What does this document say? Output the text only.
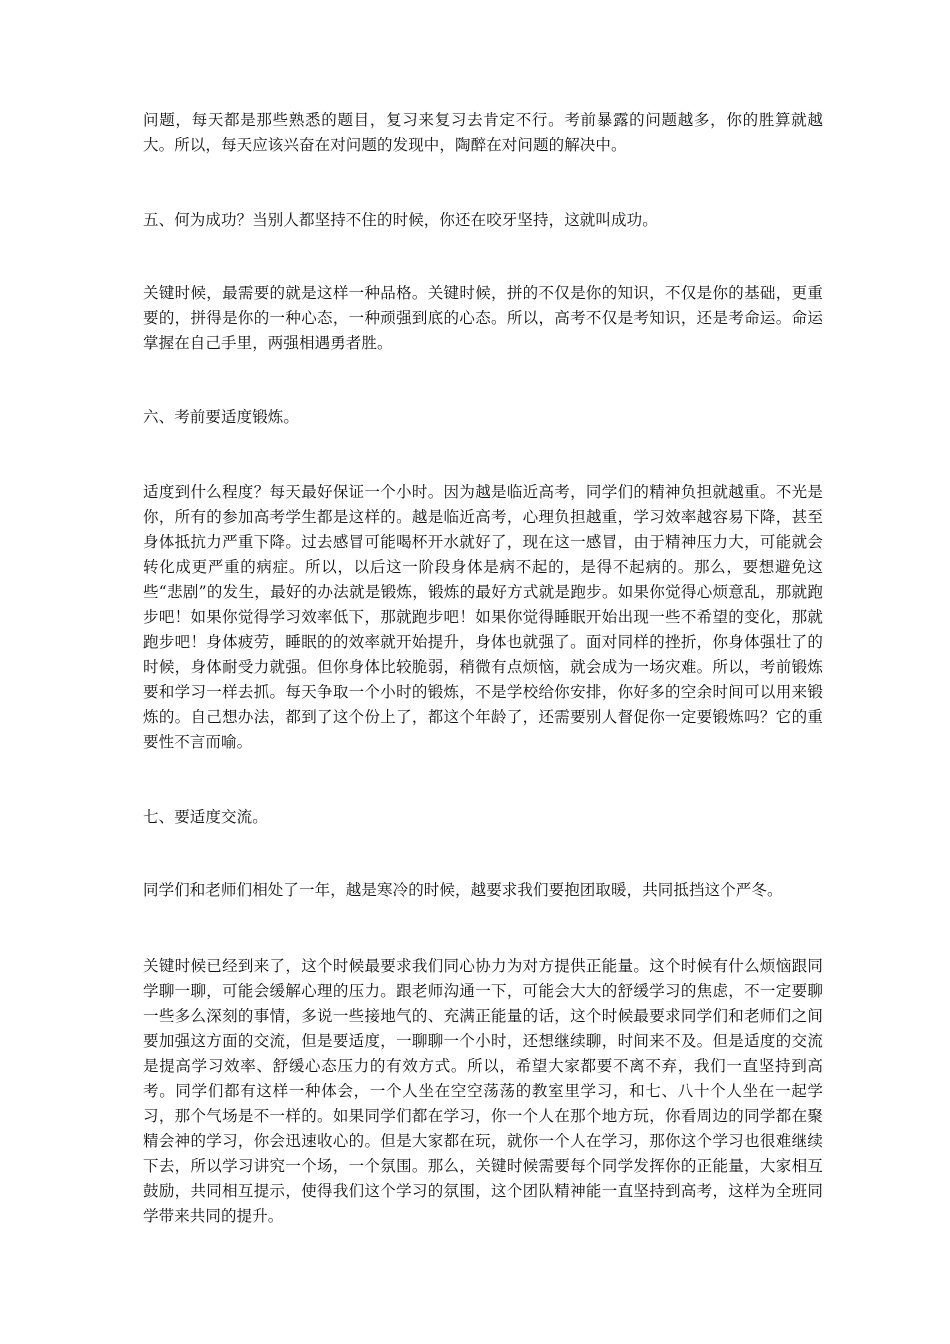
问题，每天都是那些熟悉的题目，复习来复习去肯定不行。考前暴露的问题越多，你的胜算就越大。所以，每天应该兴奋在对问题的发现中，陶醉在对问题的解决中。

五、何为成功？当别人都坚持不住的时候，你还在咬牙坚持，这就叫成功。

关键时候，最需要的就是这样一种品格。关键时候，拼的不仅是你的知识，不仅是你的基础，更重要的，拼得是你的一种心态，一种顽强到底的心态。所以，高考不仅是考知识，还是考命运。命运掌握在自己手里，两强相遇勇者胜。

六、考前要适度锻炼。

适度到什么程度？每天最好保证一个小时。因为越是临近高考，同学们的精神负担就越重。不光是你，所有的参加高考学生都是这样的。越是临近高考，心理负担越重，学习效率越容易下降，甚至身体抵抗力严重下降。过去感冒可能喝杯开水就好了，现在这一感冒，由于精神压力大，可能就会转化成更严重的病症。所以，以后这一阶段身体是病不起的，是得不起病的。那么，要想避免这些“悲剧”的发生，最好的办法就是锻炼，锻炼的最好方式就是跑步。如果你觉得心烦意乱，那就跑步吧！如果你觉得学习效率低下，那就跑步吧！如果你觉得睡眠开始出现一些不希望的变化，那就跑步吧！身体疲劳，睡眠的的效率就开始提升，身体也就强了。面对同样的挫折，你身体强壮了的时候，身体耐受力就强。但你身体比较脆弱，稍微有点烦恼，就会成为一场灾难。所以，考前锻炼要和学习一样去抓。每天争取一个小时的锻炼，不是学校给你安排，你好多的空余时间可以用来锻炼的。自己想办法，都到了这个份上了，都这个年龄了，还需要别人督促你一定要锻炼吗？它的重要性不言而喻。

七、要适度交流。

同学们和老师们相处了一年，越是寒冷的时候，越要求我们要抱团取暖，共同抵挡这个严冬。

关键时候已经到来了，这个时候最要求我们同心协力为对方提供正能量。这个时候有什么烦恼跟同学聊一聊，可能会缓解心理的压力。跟老师沟通一下，可能会大大的舒缓学习的焦虑，不一定要聊一些多么深刻的事情，多说一些接地气的、充满正能量的话，这个时候最要求同学们和老师们之间要加强这方面的交流，但是要适度，一聊聊一个小时，还想继续聊，时间来不及。但是适度的交流是提高学习效率、舒缓心态压力的有效方式。所以，希望大家都要不离不弃，我们一直坚持到高考。同学们都有这样一种体会，一个人坐在空空荡荡的教室里学习，和七、八十个人坐在一起学习，那个气场是不一样的。如果同学们都在学习，你一个人在那个地方玩，你看周边的同学都在聚精会神的学习，你会迅速收心的。但是大家都在玩，就你一个人在学习，那你这个学习也很难继续下去，所以学习讲究一个场，一个氛围。那么，关键时候需要每个同学发挥你的正能量，大家相互鼓励，共同相互提示，使得我们这个学习的氛围，这个团队精神能一直坚持到高考，这样为全班同学带来共同的提升。
